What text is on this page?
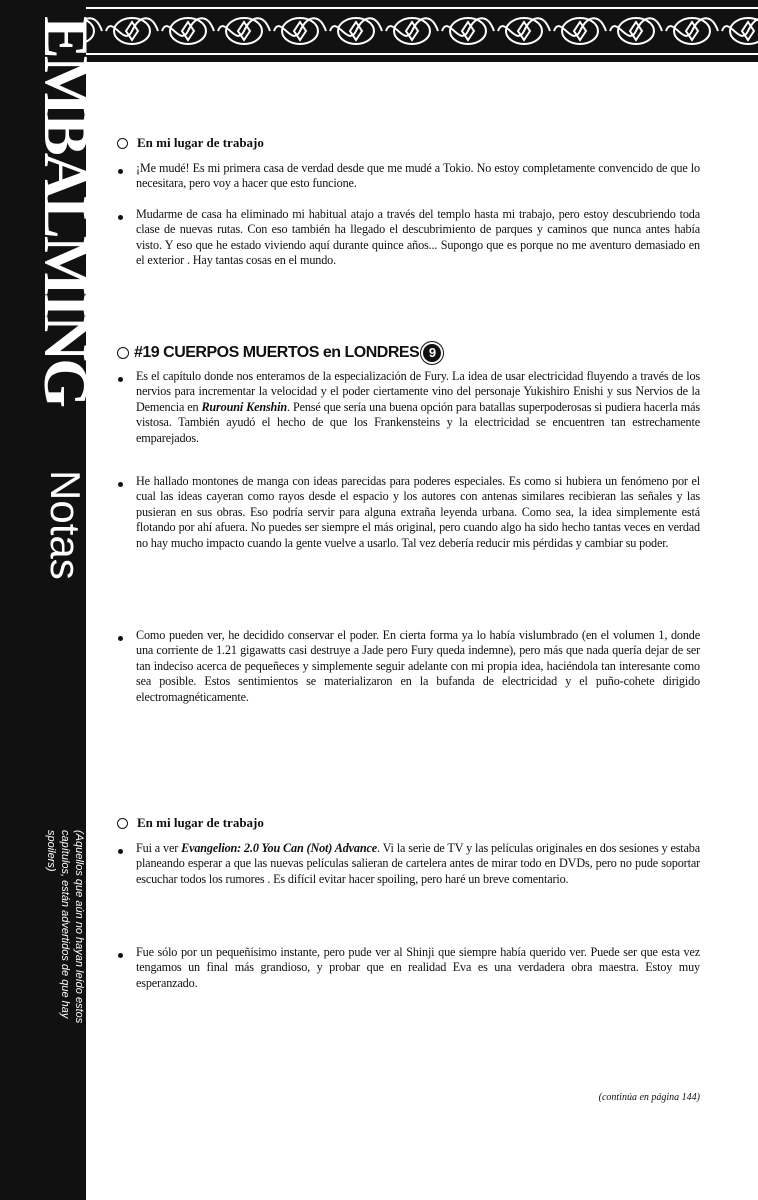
EMBALMING
Notas
(Aquellos que aún no hayan leído estos capítulos, están advertidos de que hay spoilers)
En mi lugar de trabajo
¡Me mudé! Es mi primera casa de verdad desde que me mudé a Tokio. No estoy completamente convencido de que lo necesitara, pero voy a hacer que esto funcione.
Mudarme de casa ha eliminado mi habitual atajo a través del templo hasta mi trabajo, pero estoy descubriendo toda clase de nuevas rutas. Con eso también ha llegado el descubrimiento de parques y caminos que nunca antes había visto. Y eso que he estado viviendo aquí durante quince años... Supongo que es porque no me aventuro demasiado en el exterior . Hay tantas cosas en el mundo.
#19 CUERPOS MUERTOS en LONDRES 9
Es el capítulo donde nos enteramos de la especialización de Fury. La idea de usar electricidad fluyendo a través de los nervios para incrementar la velocidad y el poder ciertamente vino del personaje Yukishiro Enishi y sus Nervios de la Demencia en Rurouni Kenshin. Pensé que sería una buena opción para batallas superpoderosas si pudiera hacerla más vistosa. También ayudó el hecho de que los Frankensteins y la electricidad se encuentren tan estrechamente emparejados.
He hallado montones de manga con ideas parecidas para poderes especiales. Es como si hubiera un fenómeno por el cual las ideas cayeran como rayos desde el espacio y los autores con antenas similares recibieran las señales y las pusieran en sus obras. Eso podría servir para alguna extraña leyenda urbana. Como sea, la idea simplemente está flotando por ahí afuera. No puedes ser siempre el más original, pero cuando algo ha sido hecho tantas veces en verdad no hay mucho impacto cuando la gente vuelve a usarlo. Tal vez debería reducir mis pérdidas y cambiar su poder.
Como pueden ver, he decidido conservar el poder. En cierta forma ya lo había vislumbrado (en el volumen 1, donde una corriente de 1.21 gigawatts casi destruye a Jade pero Fury queda indemne), pero más que nada quería dejar de ser tan indeciso acerca de pequeñeces y simplemente seguir adelante con mi propia idea, haciéndola tan interesante como sea posible. Estos sentimientos se materializaron en la bufanda de electricidad y el puño-cohete dirigido electromagnéticamente.
En mi lugar de trabajo
Fui a ver Evangelion: 2.0 You Can (Not) Advance. Vi la serie de TV y las películas originales en dos sesiones y estaba planeando esperar a que las nuevas películas salieran de cartelera antes de mirar todo en DVDs, pero no pude soportar escuchar todos los rumores . Es difícil evitar hacer spoiling, pero haré un breve comentario.
Fue sólo por un pequeñísimo instante, pero pude ver al Shinji que siempre había querido ver. Puede ser que esta vez tengamos un final más grandioso, y probar que en realidad Eva es una verdadera obra maestra. Estoy muy esperanzado.
(continúa en página 144)
